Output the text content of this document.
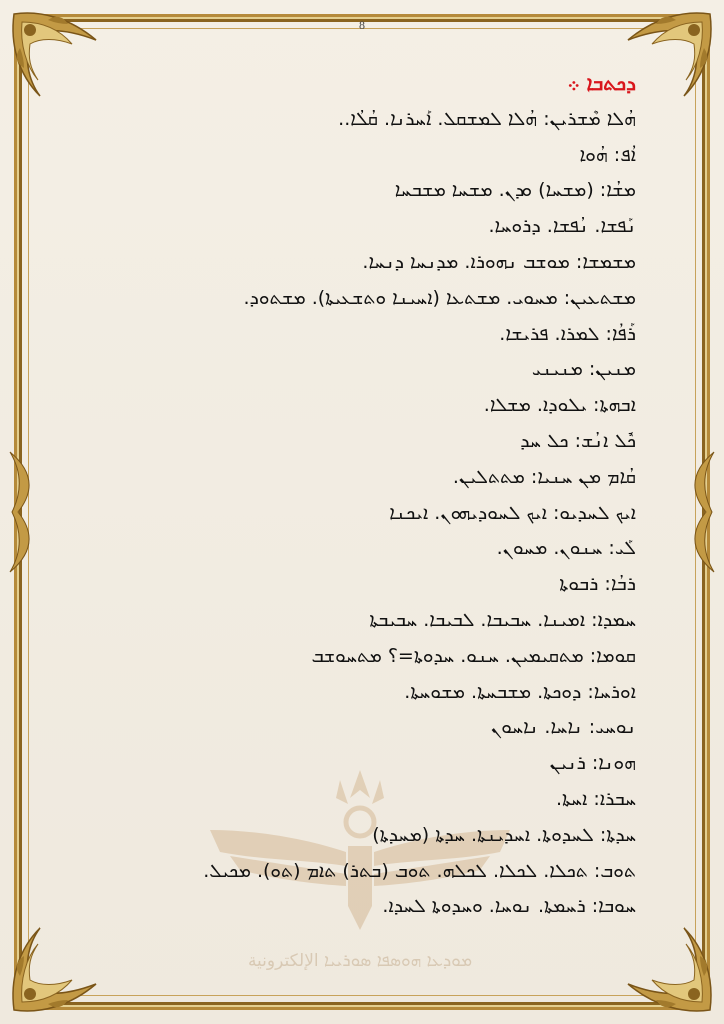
ܡܘܕܥܐ ܗܘܣܦܐ ܣܘܪܝܝܐ الإلكترونية
8
ܕܟܬܒܐ ܀
ܗܳܠܐ ܡܶܫܪܝܢ: ܗܳܠܐ ܠܡܫܩܠ. ܐܰܚܪܢܐ. ܩܳܠܳܐ..
ܐܳܦ: ܗܳܘܐ
ܡܫܳܐ: (ܡܫܚܐ) ܘܕܢ. ܡܫܚܐ ܡܫܒܚܐ
ܢܰܦܫܐ. ܢܳܦܫܐ. ܕܪܘܚܐ.
ܡܫܡܫܐ: ܡܘܫܒ ܢܗܘܪܐ. ܡܕܢܚܐ ܕܢܚܐ.
ܡܫܬܥܝܢ: ܡܚܘܝ. ܡܫܬܥܐ (ܐܚܝܢܐ ܘܬܫܥܝܬܐ). ܡܫܬܘܕ.
ܪܰܦܳܐ: ܠܡܪܐ. ܦܪܝܫܐ.
ܡܢܝܢ: ܡܢܝܢܝ
ܐܒܗܬܐ: ܝܠܘܕܐ. ܡܫܠܐ.
ܟܽܠ ܐܢܳܫ: ܟܠ ܚܕ
ܩܳܐܡ ܡܢ ܚܢܝܐ: ܡܬܬܠܝܢ.
ܐܝܟ ܠܚܕܝܘ: ܐܝܟ ܠܚܘܕܝܗܘܢ. ܐܝܟܢܐ
ܠܰܝ: ܚܢܘܢ. ܡܚܘܢ.
ܪܒܳܐ: ܪܒܘܬܐ
ܚܡܕܐ: ܐܡܝܢܐ. ܚܒܝܒܐ. ܠܒܝܒܐ. ܚܒܝܒܬܐ
ܩܘܡܐ: ܡܬܩܝܡܝܢ. ܚܢܘ. ܚܕܘܬܐ=؟ ܡܬܚܘܫܒ
ܐܘܪܚܐ: ܕܘܟܬܐ. ܡܫܒܚܬܐ. ܡܫܘܚܬܐ.
ܢܘܚܝ: ܢܐܚܐ. ܢܐܚܘܢ
ܗܘܢܐ: ܪܢܝܢ
ܚܒܪܐ: ܐܚܬܐ.
ܚܕܬܐ: ܠܚܕܘܬܐ. ܐܚܕܝܢܬܐ. ܚܕܬܐ (ܡܚܕܬܐ)
ܬܘܒ: ܬܟܠܐ. ܠܟܠܐ. ܠܟܠܗ. ܬܘܒ (ܒܬܪ) ܬܐܡ (ܬܘ). ܡܟܝܠ.
ܚܘܒܐ: ܪܚܡܬܐ. ܢܘܚܐ. ܘܚܕܘܬܐ ܠܚܕܐ.
